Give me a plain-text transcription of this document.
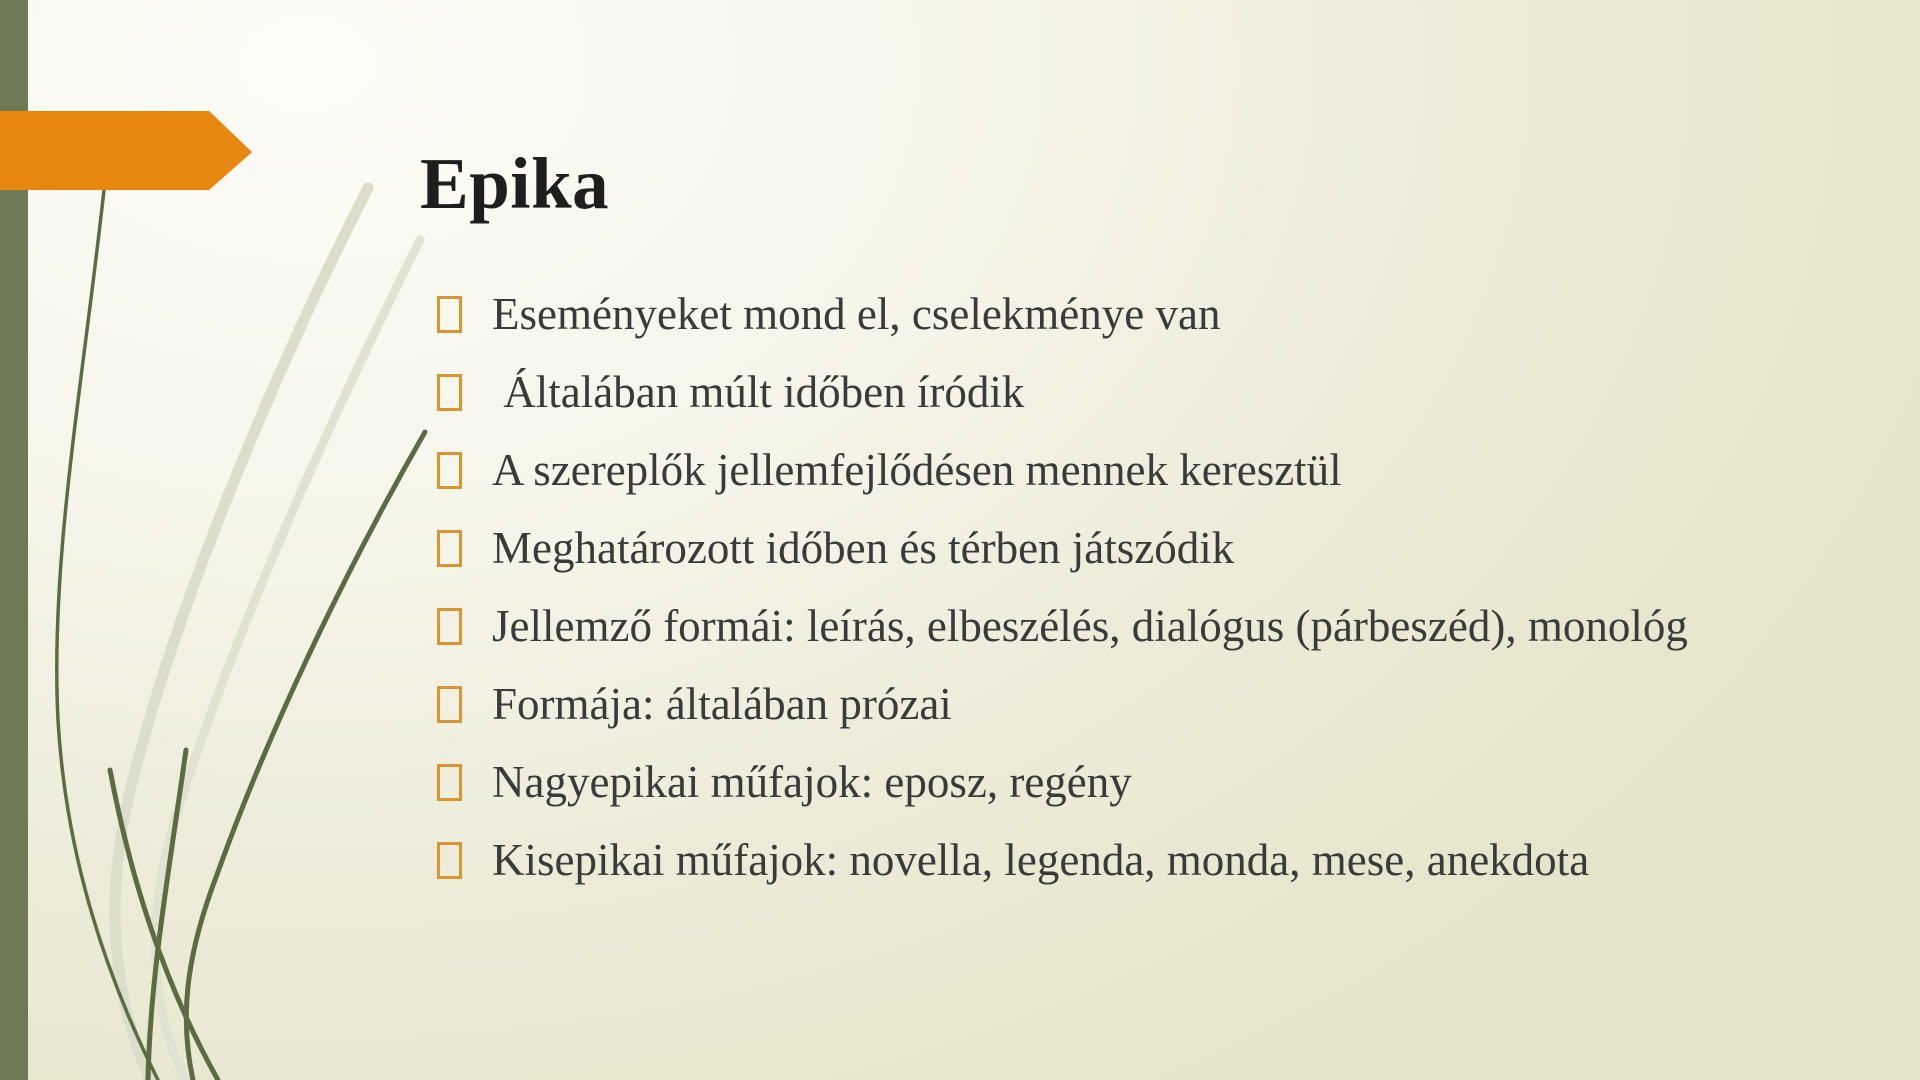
Epika
Eseményeket mond el, cselekménye van
Általában múlt időben íródik
A szereplők jellemfejlődésen mennek keresztül
Meghatározott időben és térben játszódik
Jellemző formái: leírás, elbeszélés, dialógus (párbeszéd), monológ
Formája: általában prózai
Nagyepikai műfajok: eposz, regény
Kisepikai műfajok: novella, legenda, monda, mese, anekdota
